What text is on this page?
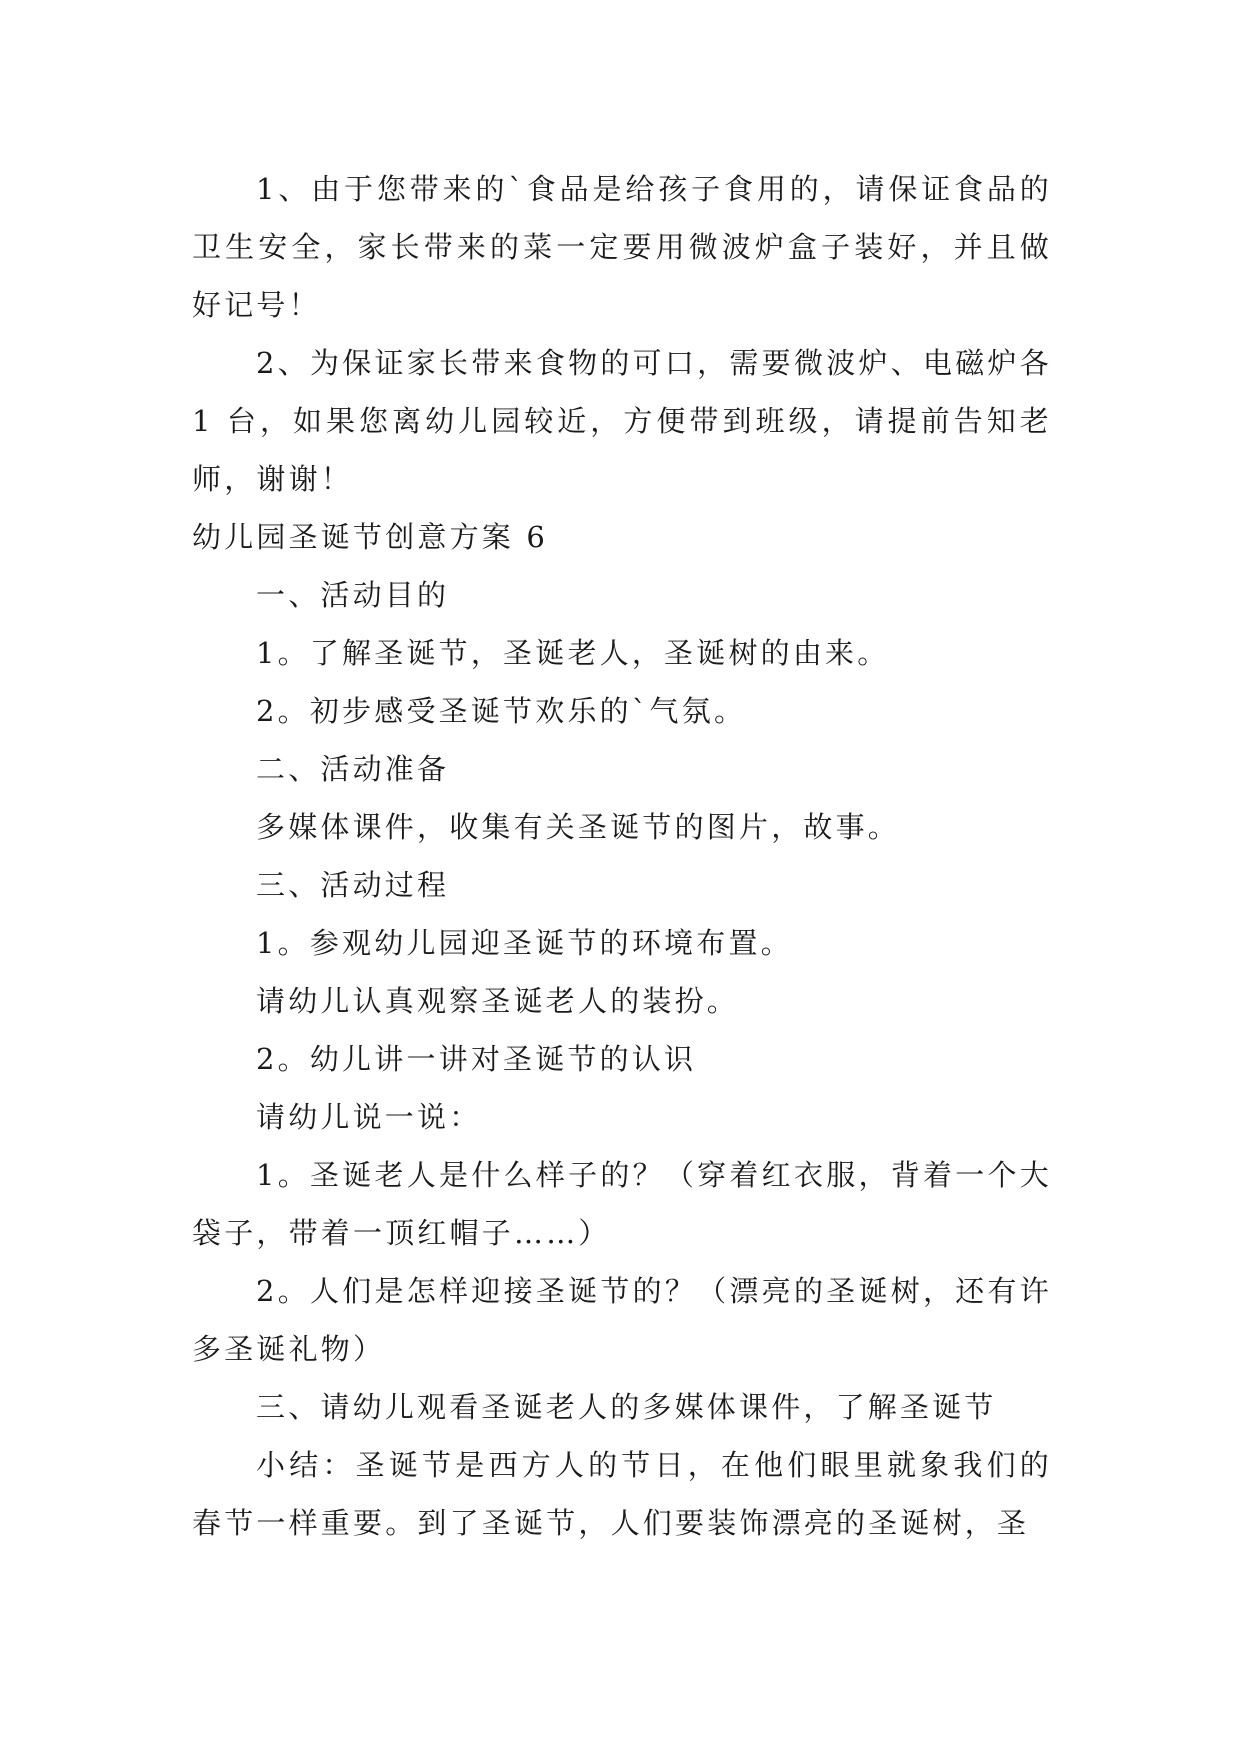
1、由于您带来的`食品是给孩子食用的，请保证食品的卫生安全，家长带来的菜一定要用微波炉盒子装好，并且做好记号！

2、为保证家长带来食物的可口，需要微波炉、电磁炉各 1 台，如果您离幼儿园较近，方便带到班级，请提前告知老师，谢谢！

幼儿园圣诞节创意方案 6

一、活动目的

1。了解圣诞节，圣诞老人，圣诞树的由来。

2。初步感受圣诞节欢乐的`气氛。

二、活动准备

多媒体课件，收集有关圣诞节的图片，故事。

三、活动过程

1。参观幼儿园迎圣诞节的环境布置。

请幼儿认真观察圣诞老人的装扮。

2。幼儿讲一讲对圣诞节的认识

请幼儿说一说：

1。圣诞老人是什么样子的？（穿着红衣服，背着一个大袋子，带着一顶红帽子……）

2。人们是怎样迎接圣诞节的？（漂亮的圣诞树，还有许多圣诞礼物）

三、请幼儿观看圣诞老人的多媒体课件，了解圣诞节

小结：圣诞节是西方人的节日，在他们眼里就象我们的春节一样重要。到了圣诞节，人们要装饰漂亮的圣诞树，圣
